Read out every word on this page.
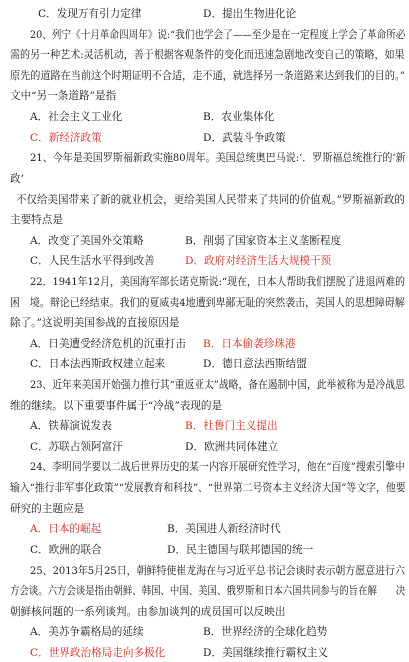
C．发现万有引力定律	D．提出生物进化论
20、列宁《十月革命四周年》说:“我们也学会了——至少是在一定程度上学会了革命所必
需的另一种艺术:灵活机动，善于根据客观条件的变化而迅速急剧地改变自己的策略，如果
原先的道路在当前这个时期证明不合适，走不通，就选择另一条道路来达到我们的目的。”
文中“另一条道路”是指
A．社会主义工业化	B．农业集体化
C．新经济政策	D．武装斗争政策
21、今年是美国罗斯福新政实施80周年。美国总统奥巴马说:‘．罗斯福总统推行的‘新
政’
不仅给美国带来了新的就业机会，更给美国人民带来了共同的价值观。”罗斯福新政的
主要特点是
A．改变了美国外交策略	B．削弱了国家资本主义垄断程度
C．人民生活水平得到改善	D．政府对经济生活大规模干预
22．1941年12月，美国海军部长诺克斯说:“现在，日本人帮助我们摆脱了进退两难的
困　境。辩论已经结束。我们的夏威夷4地遭到卑鄙无耻的突然袭击，美国人的思想障碍解
除了。”这说明美国参战的直接原因是
A．日美遭受经济危机的沉重打击 B．日本偷袭珍珠港
C．日本法西斯政权建立起来	D．德日意法西斯结盟
23、近年来美国开始强力推行其“重返亚太”战略，备在遏制中国，此举被称为是冷战思
维的继续。以下重要事件属于“冷战”表现的是
A．铁幕演说发表	B．杜鲁门主义提出
C．苏联占领阿富汗	D．欧洲共同体建立
24、李明同学要以二战后世界历史的某一内容开展研究性学习，他在“百度”搜索引擎中
输入“推行非军事化政策”“发展教育和科技”、“世界第二号资本主义经济大国”等文字，他要
研究的主题应是
A．日本的崛起	B．美国进人新经济时代
C．欧洲的联合	D．民主德国与联邦德国的统一
25、2013年5月25日，朝鲜特使崔龙海在与习近平总书记会谈时表示朝方愿意进行六
方会谈。六方会谈是指由朝鲜、韩国、中国、美国、俄罗斯和日本六国共同参与的旨在解　　决
朝鲜核问题的一系列谈判。由参加谈判的成员国可以反映出
A．美苏争霸格局的延续	B．世界经济的全球化趋势
C．世界政治格局走向多极化	D．美国继续推行霸权主义
